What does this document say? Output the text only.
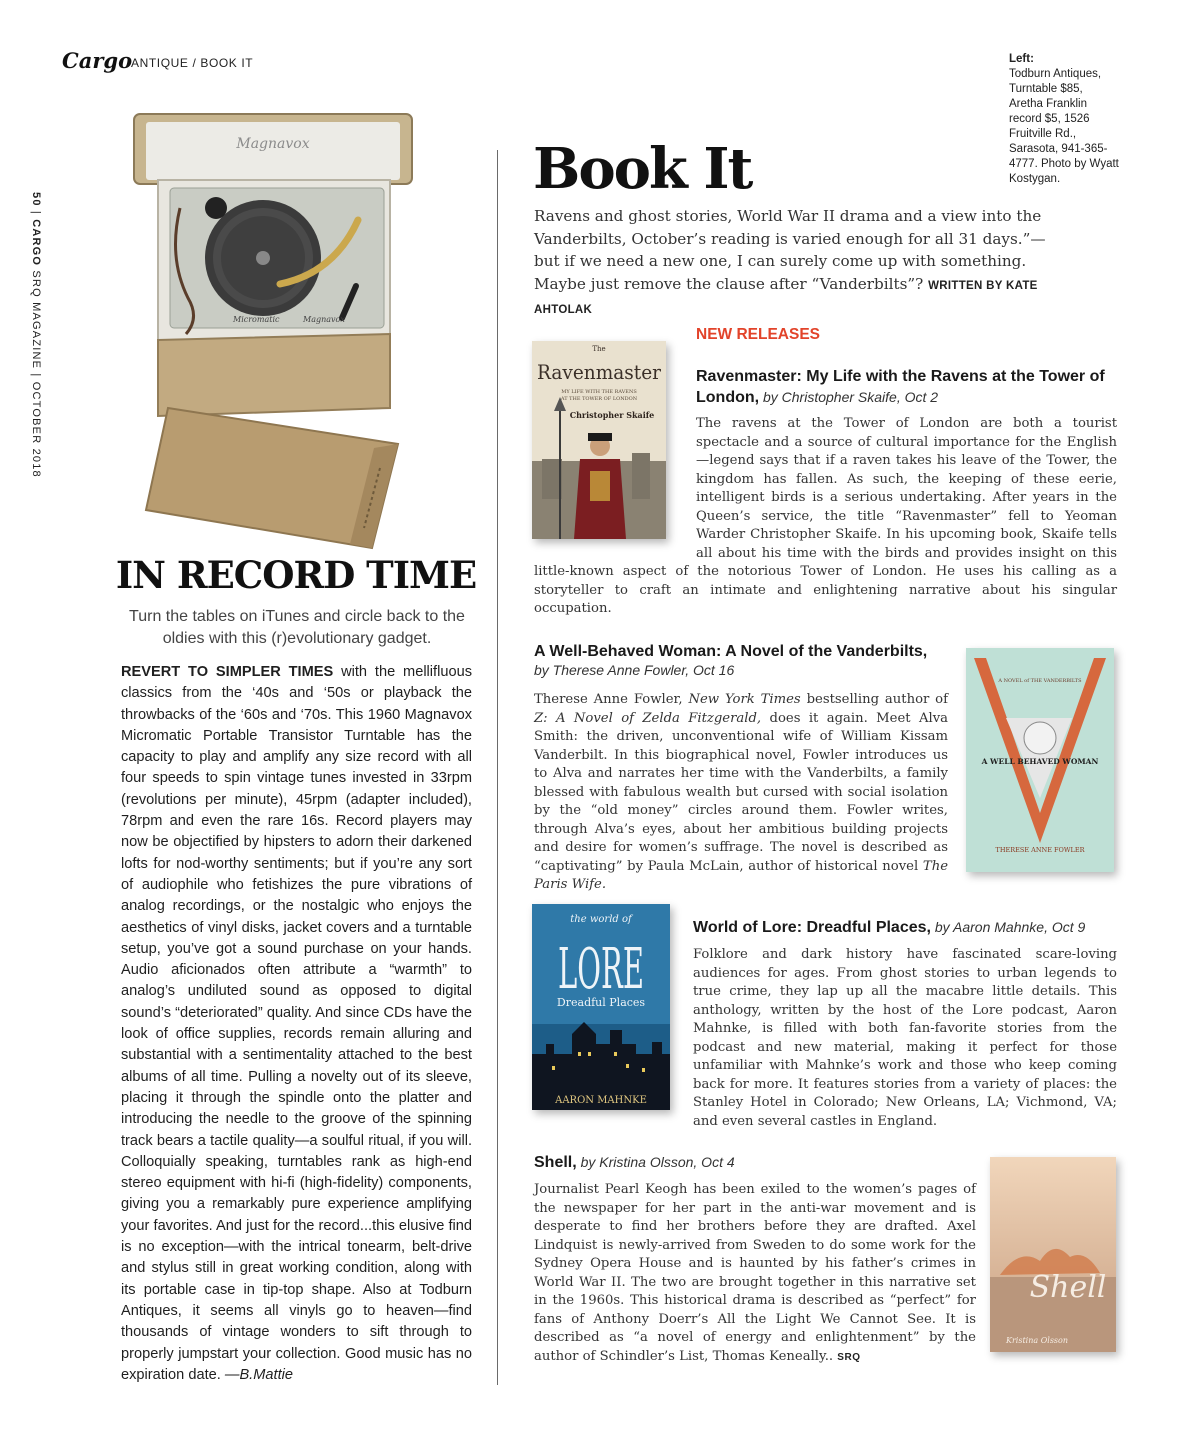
Cargo
ANTIQUE / BOOK IT
50 | CARGO SRQ MAGAZINE | OCTOBER 2018
Left:
Todburn Antiques, Turntable $85, Aretha Franklin record $5, 1526 Fruitville Rd., Sarasota, 941-365-4777. Photo by Wyatt Kostygan.
Magnavox
Micromatic	Magnavox
IN RECORD TIME
Turn the tables on iTunes and circle back to the oldies with this (r)evolutionary gadget.
REVERT TO SIMPLER TIMES with the mellifluous classics from the ‘40s and ‘50s or playback the throwbacks of the ‘60s and ‘70s. This 1960 Magnavox Micromatic Portable Transistor Turntable has the capacity to play and amplify any size record with all four speeds to spin vintage tunes invested in 33rpm (revolutions per minute), 45rpm (adapter included), 78rpm and even the rare 16s. Record players may now be objectified by hipsters to adorn their darkened lofts for nod-worthy sentiments; but if you’re any sort of audiophile who fetishizes the pure vibrations of analog recordings, or the nostalgic who enjoys the aesthetics of vinyl disks, jacket covers and a turntable setup, you’ve got a sound purchase on your hands. Audio aficionados often attribute a “warmth” to analog’s undiluted sound as opposed to digital sound’s “deteriorated” quality. And since CDs have the look of office supplies, records remain alluring and substantial with a sentimentality attached to the best albums of all time. Pulling a novelty out of its sleeve, placing it through the spindle onto the platter and introducing the needle to the groove of the spinning track bears a tactile quality—a soulful ritual, if you will. Colloquially speaking, turntables rank as high-end stereo equipment with hi-fi (high-fidelity) components, giving you a remarkably pure experience amplifying your favorites. And just for the record...this elusive find is no exception—with the intrical tonearm, belt-drive and stylus still in great working condition, along with its portable case in tip-top shape. Also at Todburn Antiques, it seems all vinyls go to heaven—find thousands of vintage wonders to sift through to properly jumpstart your collection. Good music has no expiration date. —B.Mattie
Book It
Ravens and ghost stories, World War II drama and a view into the Vanderbilts, October’s reading is varied enough for all 31 days.”—but if we need a new one, I can surely come up with something. Maybe just remove the clause after “Vanderbilts”? WRITTEN BY KATE AHTOLAK
NEW RELEASES
The
Ravenmaster
MY LIFE WITH THE RAVENS
AT THE TOWER OF LONDON
Christopher Skaife
Ravenmaster: My Life with the Ravens at the Tower of London, by Christopher Skaife, Oct 2
The ravens at the Tower of London are both a tourist spectacle and a source of cultural importance for the English—legend says that if a raven takes his leave of the Tower, the kingdom has fallen. As such, the keeping of these eerie, intelligent birds is a serious undertaking. After years in the Queen’s service, the title “Ravenmaster” fell to Yeoman Warder Christopher Skaife. In his upcoming book, Skaife tells all about his time with the birds and provides insight on this little-known aspect of the notorious Tower of London. He uses his calling as a storyteller to craft an intimate and enlightening narrative about his singular occupation.
A Well-Behaved Woman: A Novel of the Vanderbilts,
by Therese Anne Fowler, Oct 16
Therese Anne Fowler, New York Times bestselling author of Z: A Novel of Zelda Fitzgerald, does it again. Meet Alva Smith: the driven, unconventional wife of William Kissam Vanderbilt. In this biographical novel, Fowler introduces us to Alva and narrates her time with the Vanderbilts, a family blessed with fabulous wealth but cursed with social isolation by the “old money” circles around them. Fowler writes, through Alva’s eyes, about her ambitious building projects and desire for women’s suffrage. The novel is described as “captivating” by Paula McLain, author of historical novel The Paris Wife.
A NOVEL of THE VANDERBILTS
A WELL BEHAVED WOMAN
THERESE ANNE FOWLER
the world of
LORE
Dreadful Places
AARON MAHNKE
World of Lore: Dreadful Places, by Aaron Mahnke, Oct 9
Folklore and dark history have fascinated scare-loving audiences for ages. From ghost stories to urban legends to true crime, they lap up all the macabre little details. This anthology, written by the host of the Lore podcast, Aaron Mahnke, is filled with both fan-favorite stories from the podcast and new material, making it perfect for those unfamiliar with Mahnke’s work and those who keep coming back for more. It features stories from a variety of places: the Stanley Hotel in Colorado; New Orleans, LA; Vichmond, VA; and even several castles in England.
Shell, by Kristina Olsson, Oct 4
Journalist Pearl Keogh has been exiled to the women’s pages of the newspaper for her part in the anti-war movement and is desperate to find her brothers before they are drafted. Axel Lindquist is newly-arrived from Sweden to do some work for the Sydney Opera House and is haunted by his father’s crimes in World War II. The two are brought together in this narrative set in the 1960s. This historical drama is described as “perfect” for fans of Anthony Doerr’s All the Light We Cannot See. It is described as “a novel of energy and enlightenment” by the author of Schindler’s List, Thomas Keneally.. SRQ
Shell
Kristina Olsson
